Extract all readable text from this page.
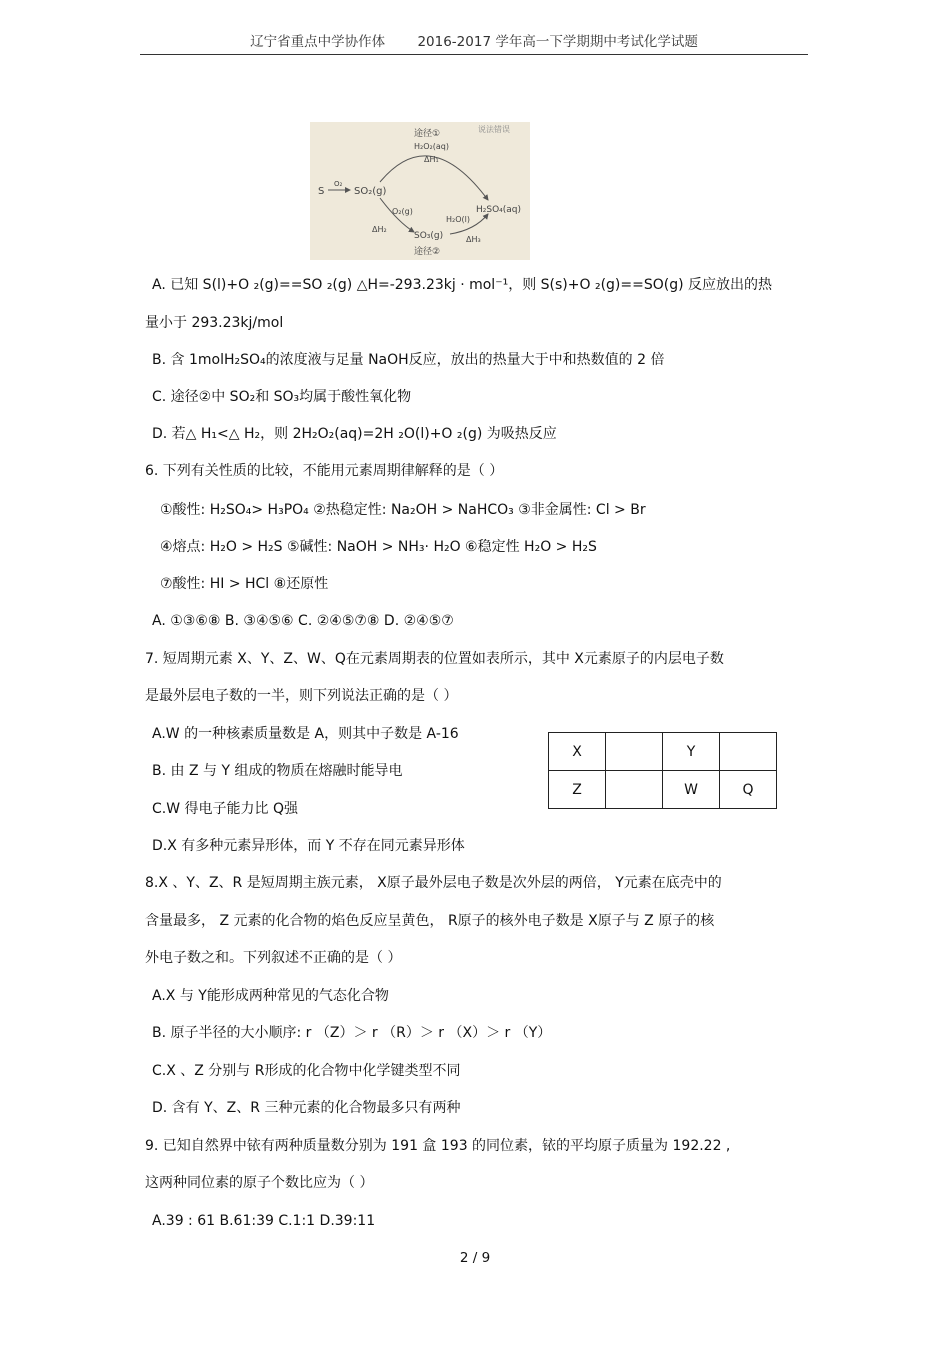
辽宁省重点中学协作体 2016-2017 学年高一下学期期中考试化学试题
说法错误
S
O₂
SO₂(g)
途径①
H₂O₂(aq)
ΔH₁
H₂SO₄(aq)
O₂(g)
ΔH₂
SO₃(g)
H₂O(l)
ΔH₃
途径②
A. 已知 S(l)+O ₂(g)==SO ₂(g) △H=-293.23kj · mol⁻¹，则 S(s)+O ₂(g)==SO(g) 反应放出的热
量小于 293.23kj/mol
B. 含 1molH₂SO₄的浓度液与足量 NaOH反应，放出的热量大于中和热数值的 2 倍
C. 途径②中 SO₂和 SO₃均属于酸性氧化物
D. 若△ H₁<△ H₂，则 2H₂O₂(aq)=2H ₂O(l)+O ₂(g) 为吸热反应
6. 下列有关性质的比较，不能用元素周期律解释的是（ ）
①酸性: H₂SO₄> H₃PO₄ ②热稳定性: Na₂OH > NaHCO₃ ③非金属性: Cl > Br
④熔点: H₂O > H₂S ⑤碱性: NaOH > NH₃· H₂O ⑥稳定性 H₂O > H₂S
⑦酸性: HI > HCl ⑧还原性
A. ①③⑥⑧ B. ③④⑤⑥ C. ②④⑤⑦⑧ D. ②④⑤⑦
7. 短周期元素 X、Y、Z、W、Q在元素周期表的位置如表所示，其中 X元素原子的内层电子数
是最外层电子数的一半，则下列说法正确的是（ ）
A.W 的一种核素质量数是 A，则其中子数是 A-16
B. 由 Z 与 Y 组成的物质在熔融时能导电
C.W 得电子能力比 Q强
D.X 有多种元素异形体，而 Y 不存在同元素异形体
X		Y	
Z		W	Q
8.X 、Y、Z、R 是短周期主族元素， X原子最外层电子数是次外层的两倍， Y元素在底壳中的
含量最多， Z 元素的化合物的焰色反应呈黄色， R原子的核外电子数是 X原子与 Z 原子的核
外电子数之和。下列叙述不正确的是（ ）
A.X 与 Y能形成两种常见的气态化合物
B. 原子半径的大小顺序: r （Z）＞ r （R）＞ r （X）＞ r （Y）
C.X 、Z 分别与 R形成的化合物中化学键类型不同
D. 含有 Y、Z、R 三种元素的化合物最多只有两种
9. 已知自然界中铱有两种质量数分别为 191 盒 193 的同位素，铱的平均原子质量为 192.22 ,
这两种同位素的原子个数比应为（ ）
A.39 : 61 B.61:39 C.1:1 D.39:11
2 / 9
